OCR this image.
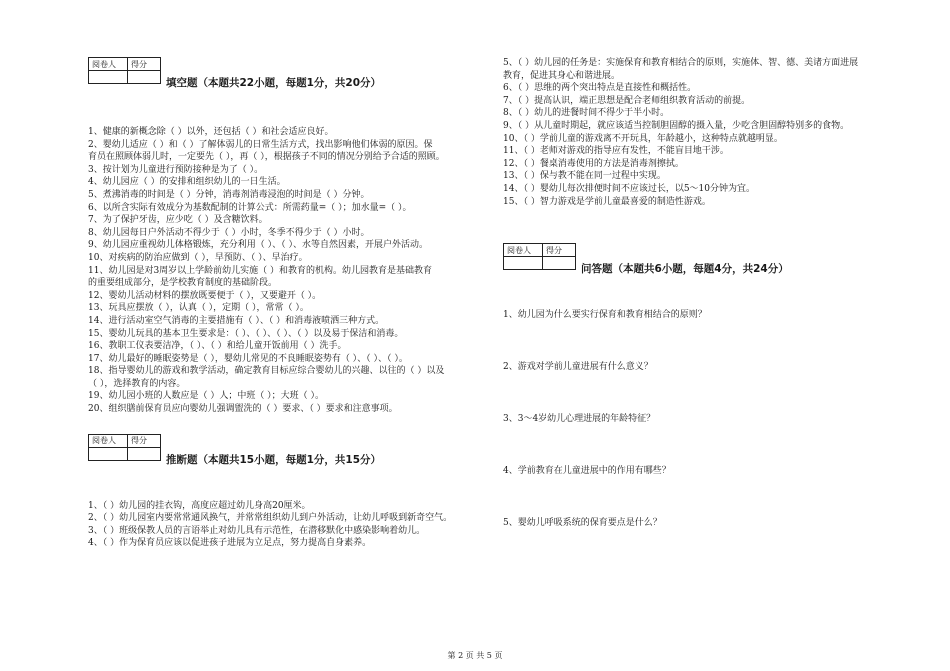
阅卷人	得分

填空题（本题共22小题，每题1分，共20分）
1、健康的新概念除（ ）以外，还包括（ ）和社会适应良好。
2、婴幼儿适应（ ）和（ ）了解体弱儿的日常生活方式，找出影响他们体弱的原因。保
育员在照顾体弱儿时，一定要先（ ），再（ ），根据孩子不同的情况分别给予合适的照顾。
3、按计划为儿童进行预防接种是为了（ ）。
4、幼儿园应（ ）的安排和组织幼儿的一日生活。
5、煮沸消毒的时间是（ ）分钟，消毒剂消毒浸泡的时间是（ ）分钟。
6、以所含实际有效成分为基数配制的计算公式：所需药量=（ ）；加水量=（ ）。
7、为了保护牙齿，应少吃（ ）及含糖饮料。
8、幼儿园每日户外活动不得少于（ ）小时，冬季不得少于（ ）小时。
9、幼儿园应重视幼儿体格锻炼，充分利用（ ）、（ ）、水等自然因素，开展户外活动。
10、对疾病的防治应做到（ ），早预防、（ ）、早治疗。
11、幼儿园是对3周岁以上学龄前幼儿实施（ ）和教育的机构。幼儿园教育是基础教育
的重要组成部分，是学校教育制度的基础阶段。
12、婴幼儿活动材料的摆放既要便于（ ），又要避开（ ）。
13、玩具应摆放（ ），认真（ ），定期（ ），常常（ ）。
14、进行活动室空气消毒的主要措施有（ ）、（ ）和消毒液喷洒三种方式。
15、婴幼儿玩具的基本卫生要求是：（ ）、（ ）、（ ）、（ ）以及易于保洁和消毒。
16、教职工仪表要洁净，（ ）、（ ）和给儿童开饭前用（ ）洗手。
17、幼儿最好的睡眠姿势是（ ），婴幼儿常见的不良睡眠姿势有（ ）、（ ）、（ ）。
18、指导婴幼儿的游戏和教学活动，确定教育目标应综合婴幼儿的兴趣、以往的（ ）以及
（ ），选择教育的内容。
19、幼儿园小班的人数应是（ ）人；中班（ ）；大班（ ）。
20、组织膳前保育员应向婴幼儿强调盥洗的（ ）要求、（ ）要求和注意事项。
阅卷人	得分

推断题（本题共15小题，每题1分，共15分）
1、（ ）幼儿园的挂衣钩，高度应超过幼儿身高20厘米。
2、（ ）幼儿园室内要常常通风换气，并常常组织幼儿到户外活动，让幼儿呼吸到新奇空气。
3、（ ）班级保教人员的言语举止对幼儿具有示范性，在潜移默化中感染影响着幼儿。
4、（ ）作为保育员应该以促进孩子进展为立足点，努力提高自身素养。
5、（ ）幼儿园的任务是：实施保育和教育相结合的原则，实施体、智、德、美诸方面进展
教育，促进其身心和谐进展。
6、（ ）思维的两个突出特点是直接性和概括性。
7、（ ）提高认识，端正思想是配合老师组织教育活动的前提。
8、（ ）幼儿的进餐时间不得少于半小时。
9、（ ）从儿童时期起，就应该适当控制胆固醇的摄入量，少吃含胆固醇特别多的食物。
10、（ ）学前儿童的游戏离不开玩具，年龄越小，这种特点就越明显。
11、（ ）老师对游戏的指导应有发性，不能盲目地干涉。
12、（ ）餐桌消毒使用的方法是消毒剂擦拭。
13、（ ）保与教不能在同一过程中实现。
14、（ ）婴幼儿每次排便时间不应该过长，以5～10分钟为宜。
15、（ ）智力游戏是学前儿童最喜爱的制造性游戏。
阅卷人	得分

问答题（本题共6小题，每题4分，共24分）
1、幼儿园为什么要实行保育和教育相结合的原则？
2、游戏对学前儿童进展有什么意义？
3、3～4岁幼儿心理进展的年龄特征？
4、学前教育在儿童进展中的作用有哪些？
5、婴幼儿呼吸系统的保育要点是什么？
第 2 页 共 5 页
